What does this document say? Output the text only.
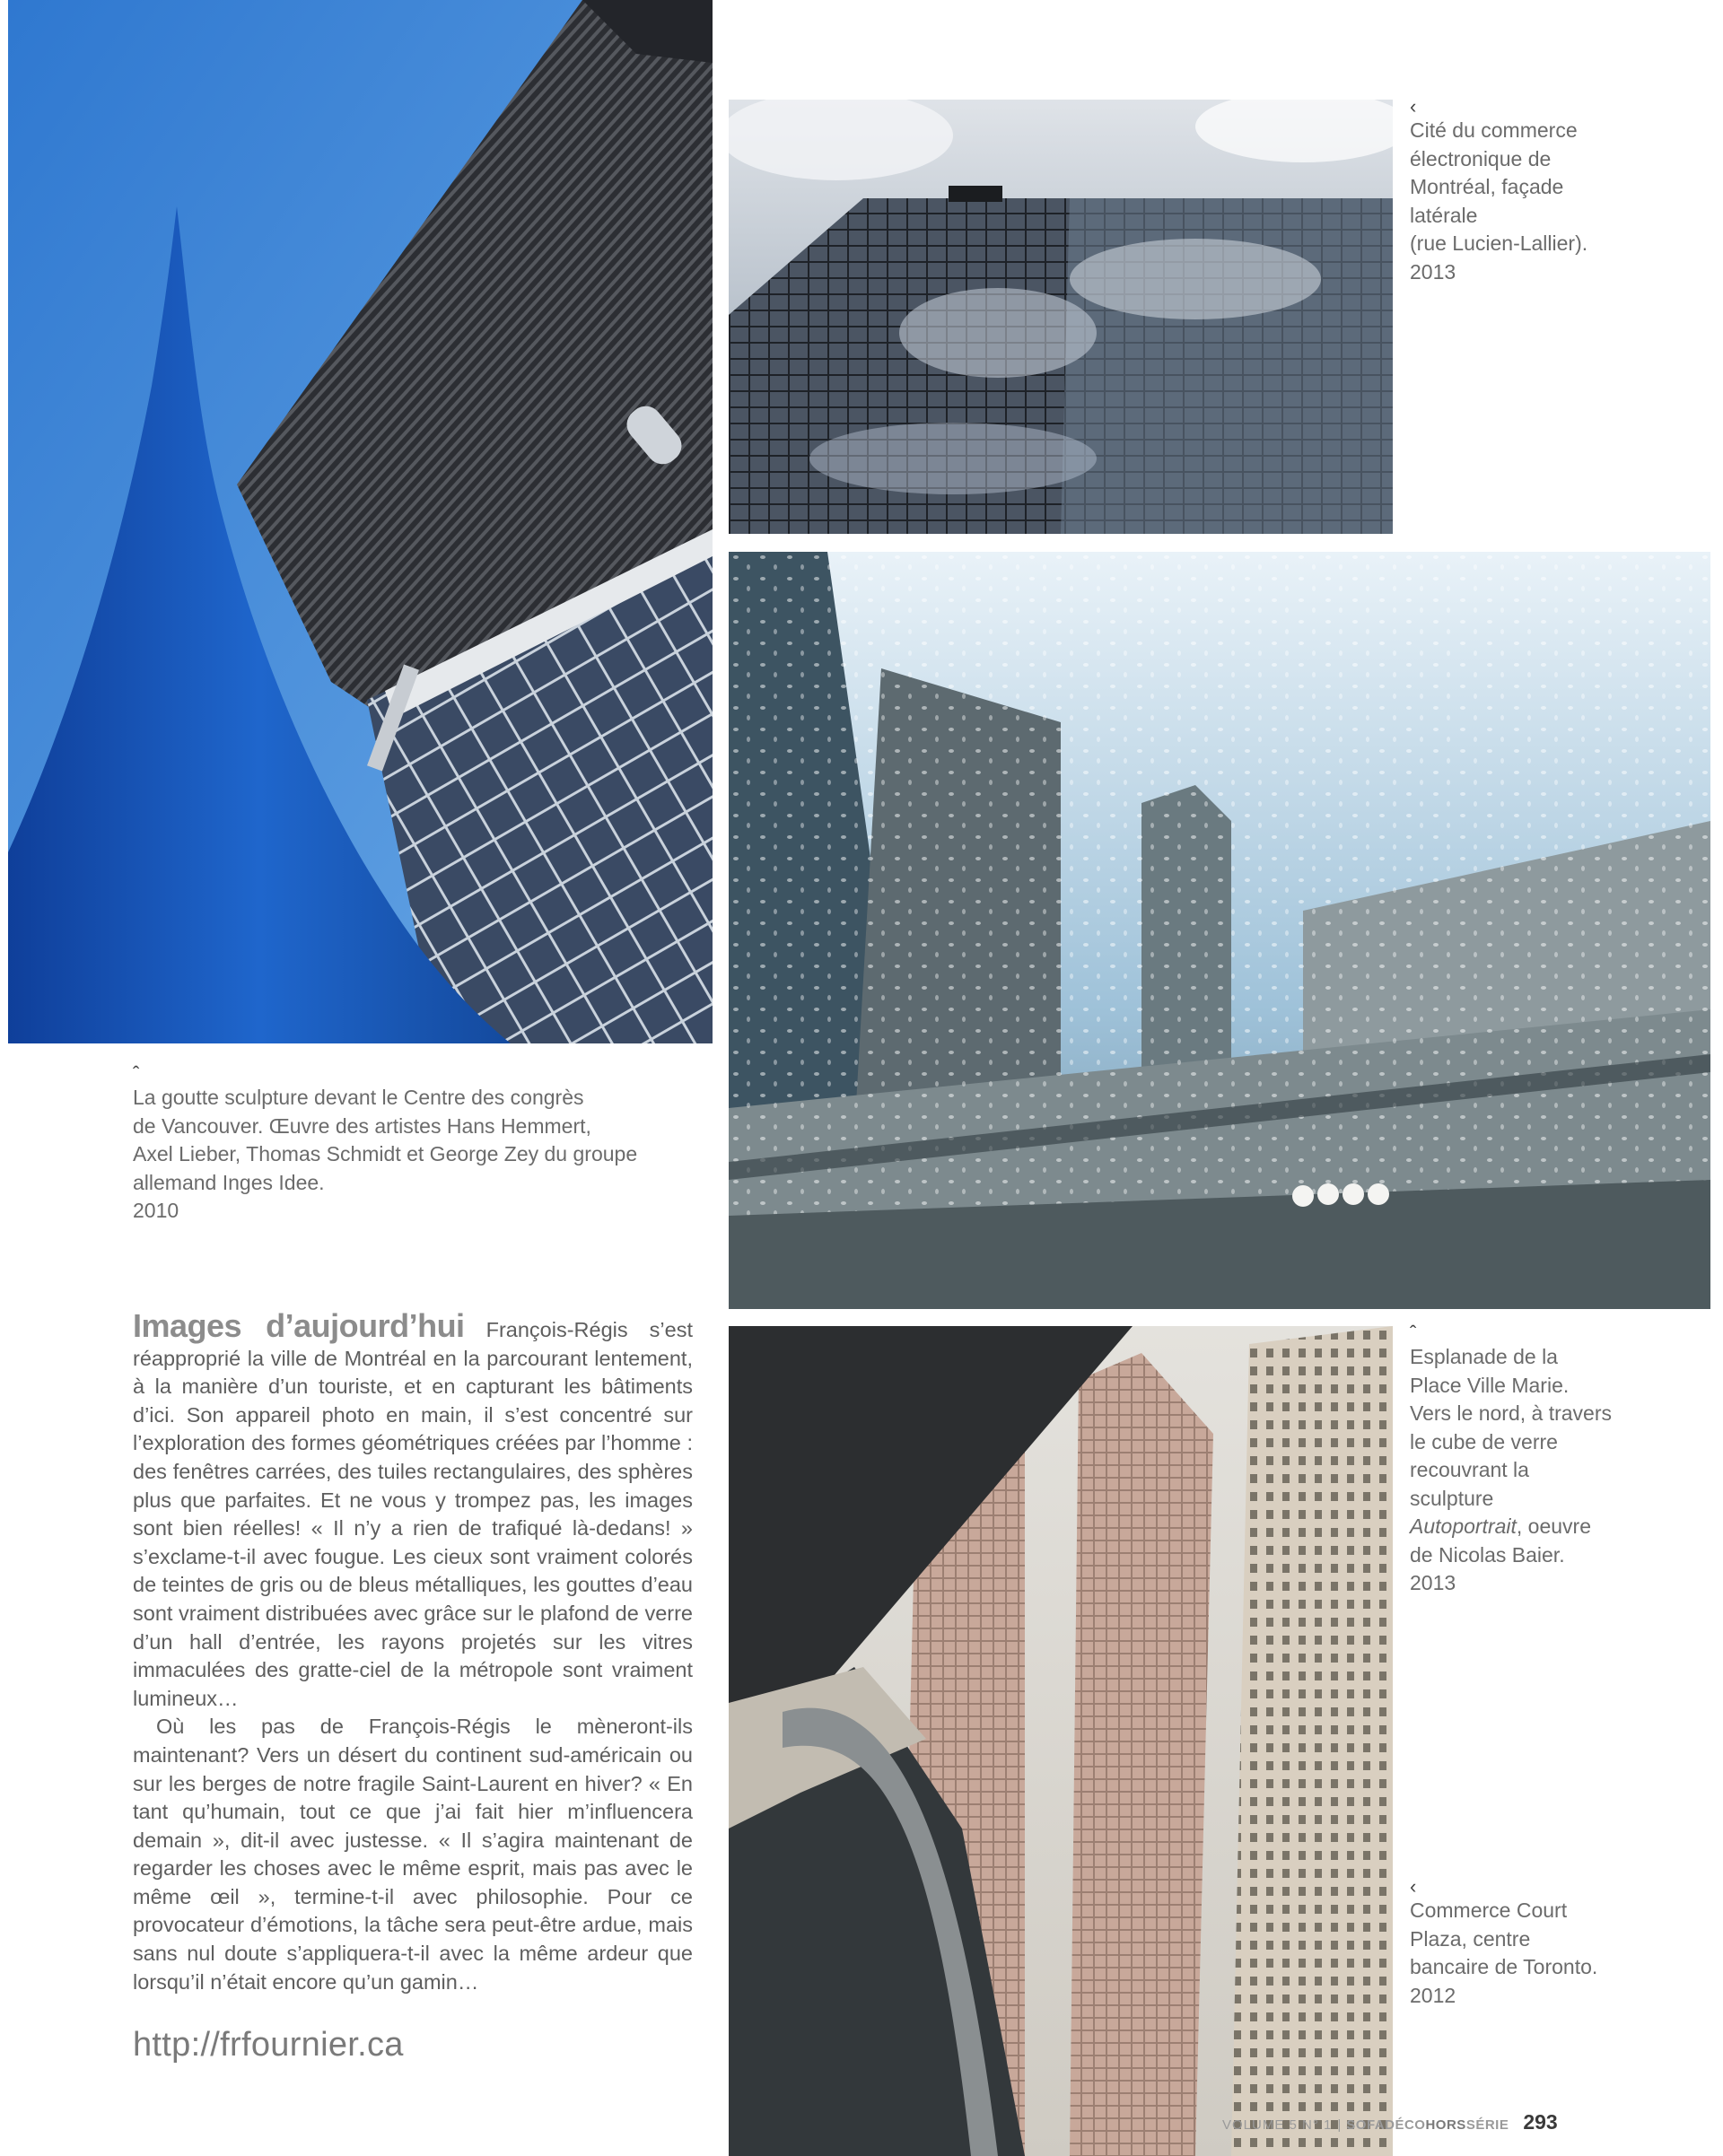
‹
Cité du commerce
électronique de
Montréal, façade
latérale
(rue Lucien-Lallier).
2013
ˆ
La goutte sculpture devant le Centre des congrès
de Vancouver. Œuvre des artistes Hans Hemmert,
Axel Lieber, Thomas Schmidt et George Zey du groupe
allemand Inges Idee.
2010
ˆ
Esplanade de la
Place Ville Marie.
Vers le nord, à travers
le cube de verre
recouvrant la
sculpture
Autoportrait, oeuvre
de Nicolas Baier.
2013
‹
Commerce Court
Plaza, centre
bancaire de Toronto.
2012

Images d’aujourd’hui François-Régis s’est réapproprié la ville de Montréal en la parcourant lentement, à la manière d’un touriste, et en capturant les bâtiments d’ici. Son appareil photo en main, il s’est concentré sur l’exploration des formes géométriques créées par l’homme : des fenêtres carrées, des tuiles rectangulaires, des sphères plus que parfaites. Et ne vous y trompez pas, les images sont bien réelles! « Il n’y a rien de trafiqué là-dedans! » s’exclame-t-il avec fougue. Les cieux sont vraiment colorés de teintes de gris ou de bleus métalliques, les gouttes d’eau sont vraiment distribuées avec grâce sur le plafond de verre d’un hall d’entrée, les rayons projetés sur les vitres immaculées des gratte-ciel de la métropole sont vraiment lumineux…

Où les pas de François-Régis le mèneront-ils maintenant? Vers un désert du continent sud-américain ou sur les berges de notre fragile Saint-Laurent en hiver? « En tant qu’humain, tout ce que j’ai fait hier m’influencera demain », dit-il avec justesse. « Il s’agira maintenant de regarder les choses avec le même esprit, mais pas avec le même œil », termine-t-il avec philosophie. Pour ce provocateur d’émotions, la tâche sera peut-être ardue, mais sans nul doute s’appliquera-t-il avec la même ardeur que lorsqu’il n’était encore qu’un gamin…

http://frfournier.ca
VOLUME 5 N° 1 | SOFADÉCOHORSSÉRIE 293
